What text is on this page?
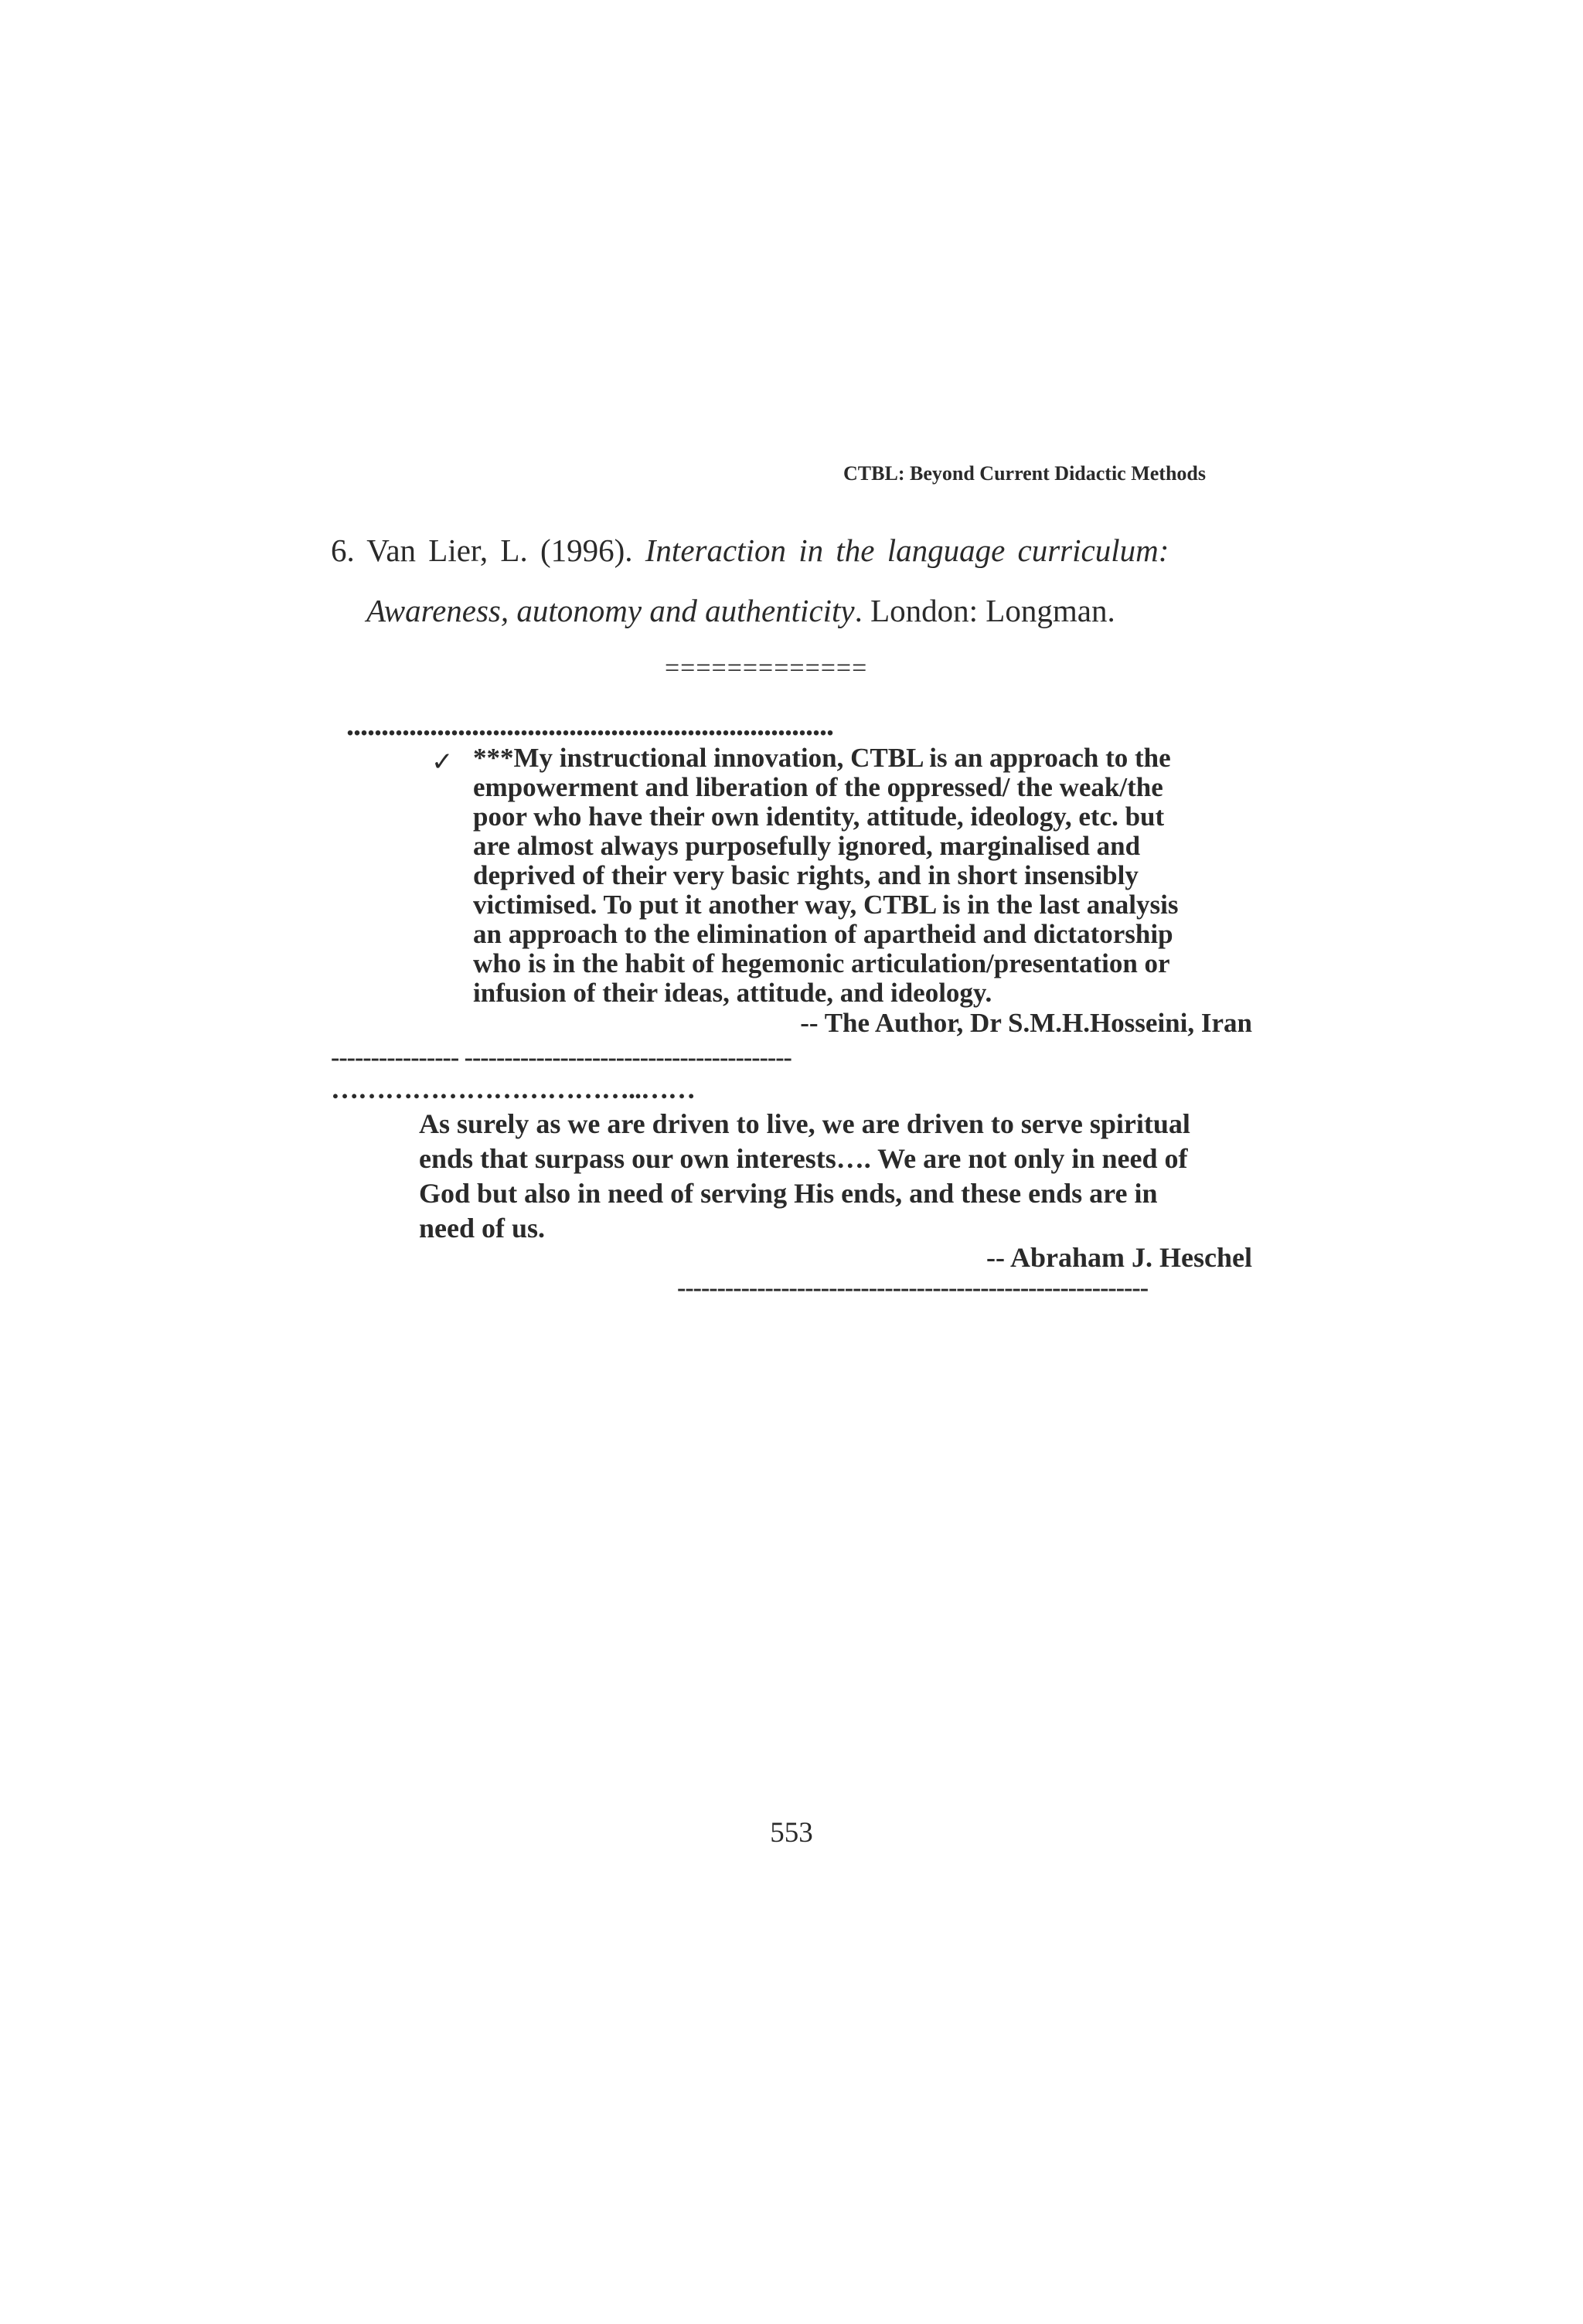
CTBL: Beyond Current Didactic Methods
6. Van Lier, L. (1996). Interaction in the language curriculum:
Awareness, autonomy and authenticity. London: Longman.
=============
......................................................................
✓ ***My instructional innovation, CTBL is an approach to the
empowerment and liberation of the oppressed/ the weak/the
poor who have their own identity, attitude, ideology, etc. but
are almost always purposefully ignored, marginalised and
deprived of their very basic rights, and in short insensibly
victimised. To put it another way, CTBL is in the last analysis
an approach to the elimination of apartheid and dictatorship
who is in the habit of hegemonic articulation/presentation or
infusion of their ideas, attitude, and ideology.
-- The Author, Dr S.M.H.Hosseini, Iran
---------------- -----------------------------------------
……………………………..……
As surely as we are driven to live, we are driven to serve spiritual
ends that surpass our own interests…. We are not only in need of
God but also in need of serving His ends, and these ends are in
need of us.
-- Abraham J. Heschel
-----------------------------------------------------------
553
